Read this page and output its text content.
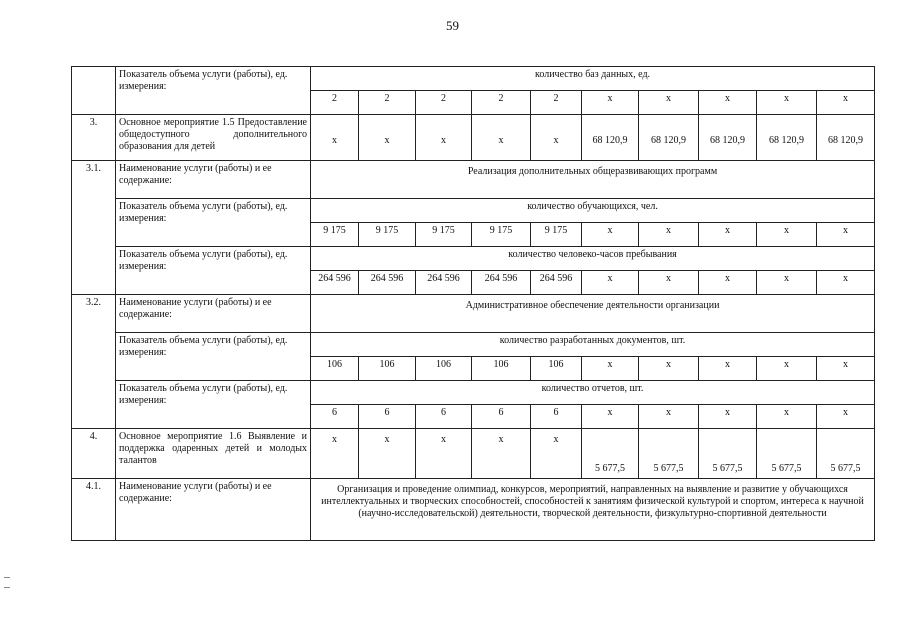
59
	Показатель объема услуги (работы), ед. измерения:	количество баз данных, ед.									
		2	2	2	2	2	х	х	х	х	х
3.	Основное мероприятие 1.5 Предоставление общедоступного дополнительного образования для детей	х	х	х	х	х	68 120,9	68 120,9	68 120,9	68 120,9	68 120,9
3.1.	Наименование услуги (работы) и ее содержание:	Реализация дополнительных общеразвивающих программ									
	Показатель объема услуги (работы), ед. измерения:	количество обучающихся, чел.									
		9 175	9 175	9 175	9 175	9 175	х	х	х	х	х
	Показатель объема услуги (работы), ед. измерения:	количество человеко-часов пребывания									
		264 596	264 596	264 596	264 596	264 596	х	х	х	х	х
3.2.	Наименование услуги (работы) и ее содержание:	Административное обеспечение деятельности организации									
	Показатель объема услуги (работы), ед. измерения:	количество разработанных документов, шт.									
		106	106	106	106	106	х	х	х	х	х
	Показатель объема услуги (работы), ед. измерения:	количество отчетов, шт.									
		6	6	6	6	6	х	х	х	х	х
4.	Основное мероприятие 1.6 Выявление и поддержка одаренных детей и молодых талантов	х	х	х	х	х	5 677,5	5 677,5	5 677,5	5 677,5	5 677,5
4.1.	Наименование услуги (работы) и ее содержание:	Организация и проведение олимпиад, конкурсов, мероприятий, направленных на выявление и развитие у обучающихся интеллектуальных и творческих способностей, способностей к занятиям физической культурой и спортом, интереса к научной (научно-исследовательской) деятельности, творческой деятельности, физкультурно-спортивной деятельности									
